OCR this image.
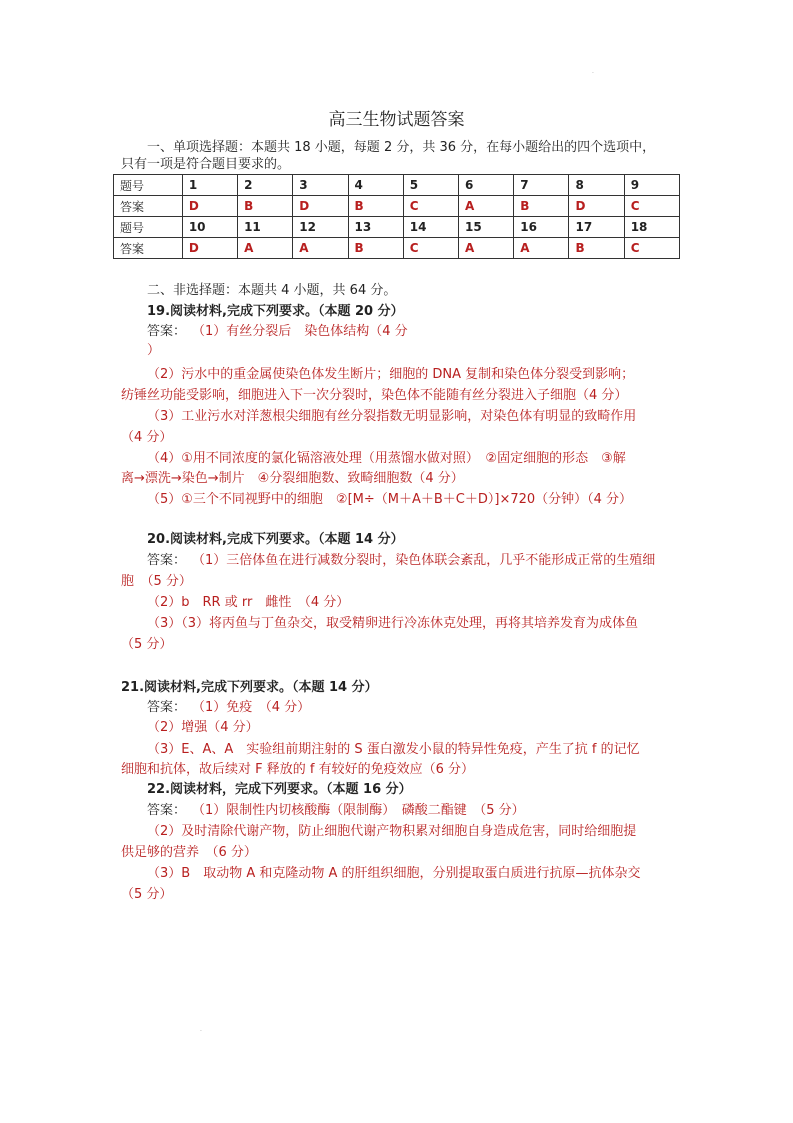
高三生物试题答案
一、单项选择题：本题共 18 小题，每题 2 分，共 36 分，在每小题给出的四个选项中，
只有一项是符合题目要求的。
题号	1	2	3	4	5	6	7	8	9
答案	D	B	D	B	C	A	B	D	C
题号	10	11	12	13	14	15	16	17	18
答案	D	A	A	B	C	A	A	B	C
二、非选择题：本题共 4 小题，共 64 分。
19.阅读材料,完成下列要求。（本题 20 分）
答案： （1）有丝分裂后　染色体结构（4 分
）
（2）污水中的重金属使染色体发生断片；细胞的 DNA 复制和染色体分裂受到影响；
纺锤丝功能受影响，细胞进入下一次分裂时，染色体不能随有丝分裂进入子细胞（4 分）
（3）工业污水对洋葱根尖细胞有丝分裂指数无明显影响，对染色体有明显的致畸作用
（4 分）
（4）①用不同浓度的氯化镉溶液处理（用蒸馏水做对照）　②固定细胞的形态　③解
离→漂洗→染色→制片　④分裂细胞数、致畸细胞数（4 分）
（5）①三个不同视野中的细胞　②[M÷（M＋A＋B＋C＋D）]×720（分钟）（4 分）
20.阅读材料,完成下列要求。（本题 14 分）
答案： （1）三倍体鱼在进行减数分裂时，染色体联会紊乱，几乎不能形成正常的生殖细
胞　（5 分）
（2）b　RR 或 rr　雌性　（4 分）
（3）（3）将丙鱼与丁鱼杂交，取受精卵进行冷冻休克处理，再将其培养发育为成体鱼
（5 分）
21.阅读材料,完成下列要求。（本题 14 分）
答案： （1）免疫　（4 分）
（2）增强（4 分）
（3）E、A、A　实验组前期注射的 S 蛋白激发小鼠的特异性免疫，产生了抗 f 的记忆
细胞和抗体，故后续对 F 释放的 f 有较好的免疫效应（6 分）
22.阅读材料，完成下列要求。（本题 16 分）
答案： （1）限制性内切核酸酶（限制酶）　磷酸二酯键　（5 分）
（2）及时清除代谢产物，防止细胞代谢产物积累对细胞自身造成危害，同时给细胞提
供足够的营养　（6 分）
（3）B　取动物 A 和克隆动物 A 的肝组织细胞，分别提取蛋白质进行抗原—抗体杂交
（5 分）
·
·
